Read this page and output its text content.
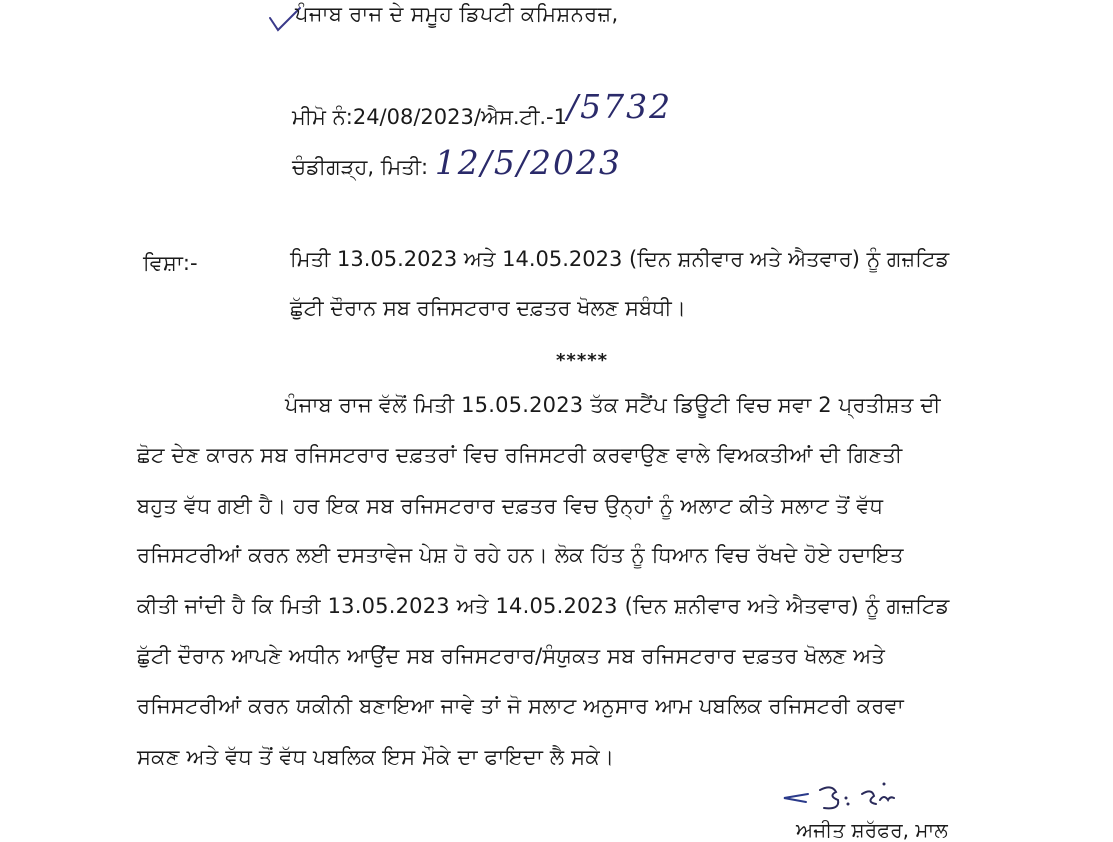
ਪੰਜਾਬ ਰਾਜ ਦੇ ਸਮੂਹ ਡਿਪਟੀ ਕਮਿਸ਼ਨਰਜ਼,
ਮੀਮੋ ਨੰ:24/08/2023/ਐਸ.ਟੀ.-1/5732
ਚੰਡੀਗੜ੍ਹ, ਮਿਤੀ: 12/5/2023
ਵਿਸ਼ਾ:-	ਮਿਤੀ 13.05.2023 ਅਤੇ 14.05.2023 (ਦਿਨ ਸ਼ਨੀਵਾਰ ਅਤੇ ਐਤਵਾਰ) ਨੂੰ ਗਜ਼ਟਿਡ
ਛੁੱਟੀ ਦੌਰਾਨ ਸਬ ਰਜਿਸਟਰਾਰ ਦਫ਼ਤਰ ਖੋਲਣ ਸਬੰਧੀ।
*****
ਪੰਜਾਬ ਰਾਜ ਵੱਲੋਂ ਮਿਤੀ 15.05.2023 ਤੱਕ ਸਟੈਂਪ ਡਿਊਟੀ ਵਿਚ ਸਵਾ 2 ਪ੍ਰਤੀਸ਼ਤ ਦੀ
ਛੋਟ ਦੇਣ ਕਾਰਨ ਸਬ ਰਜਿਸਟਰਾਰ ਦਫ਼ਤਰਾਂ ਵਿਚ ਰਜਿਸਟਰੀ ਕਰਵਾਉਣ ਵਾਲੇ ਵਿਅਕਤੀਆਂ ਦੀ ਗਿਣਤੀ
ਬਹੁਤ ਵੱਧ ਗਈ ਹੈ। ਹਰ ਇਕ ਸਬ ਰਜਿਸਟਰਾਰ ਦਫ਼ਤਰ ਵਿਚ ਉਨ੍ਹਾਂ ਨੂੰ ਅਲਾਟ ਕੀਤੇ ਸਲਾਟ ਤੋਂ ਵੱਧ
ਰਜਿਸਟਰੀਆਂ ਕਰਨ ਲਈ ਦਸਤਾਵੇਜ ਪੇਸ਼ ਹੋ ਰਹੇ ਹਨ। ਲੋਕ ਹਿੱਤ ਨੂੰ ਧਿਆਨ ਵਿਚ ਰੱਖਦੇ ਹੋਏ ਹਦਾਇਤ
ਕੀਤੀ ਜਾਂਦੀ ਹੈ ਕਿ ਮਿਤੀ 13.05.2023 ਅਤੇ 14.05.2023 (ਦਿਨ ਸ਼ਨੀਵਾਰ ਅਤੇ ਐਤਵਾਰ) ਨੂੰ ਗਜ਼ਟਿਡ
ਛੁੱਟੀ ਦੌਰਾਨ ਆਪਣੇ ਅਧੀਨ ਆਉਂਦ ਸਬ ਰਜਿਸਟਰਾਰ/ਸੰਯੁਕਤ ਸਬ ਰਜਿਸਟਰਾਰ ਦਫ਼ਤਰ ਖੋਲਣ ਅਤੇ
ਰਜਿਸਟਰੀਆਂ ਕਰਨ ਯਕੀਨੀ ਬਣਾਇਆ ਜਾਵੇ ਤਾਂ ਜੋ ਸਲਾਟ ਅਨੁਸਾਰ ਆਮ ਪਬਲਿਕ ਰਜਿਸਟਰੀ ਕਰਵਾ
ਸਕਣ ਅਤੇ ਵੱਧ ਤੋਂ ਵੱਧ ਪਬਲਿਕ ਇਸ ਮੌਕੇ ਦਾ ਫਾਇਦਾ ਲੈ ਸਕੇ।
ਅਜੀਤ ਸ਼ਰੱਫਰ, ਮਾਲ
